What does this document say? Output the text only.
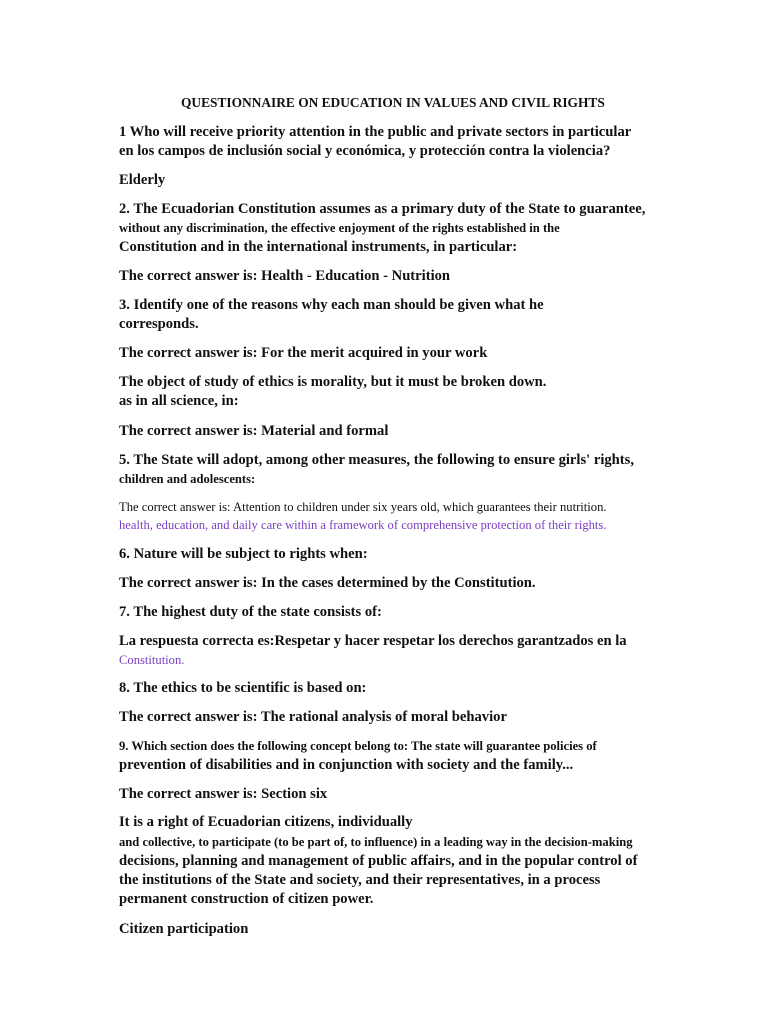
QUESTIONNAIRE ON EDUCATION IN VALUES AND CIVIL RIGHTS
1 Who will receive priority attention in the public and private sectors in particular
en los campos de inclusión social y económica, y protección contra la violencia?
Elderly
2. The Ecuadorian Constitution assumes as a primary duty of the State to guarantee,
without any discrimination, the effective enjoyment of the rights established in the
Constitution and in the international instruments, in particular:
The correct answer is: Health - Education - Nutrition
3. Identify one of the reasons why each man should be given what he
corresponds.
The correct answer is: For the merit acquired in your work
The object of study of ethics is morality, but it must be broken down.
as in all science, in:
The correct answer is: Material and formal
5. The State will adopt, among other measures, the following to ensure girls' rights,
children and adolescents:
The correct answer is: Attention to children under six years old, which guarantees their nutrition.
health, education, and daily care within a framework of comprehensive protection of their rights.
6. Nature will be subject to rights when:
The correct answer is: In the cases determined by the Constitution.
7. The highest duty of the state consists of:
La respuesta correcta es:Respetar y hacer respetar los derechos garantzados en la
Constitution.
8. The ethics to be scientific is based on:
The correct answer is: The rational analysis of moral behavior
9. Which section does the following concept belong to: The state will guarantee policies of
prevention of disabilities and in conjunction with society and the family...
The correct answer is: Section six
It is a right of Ecuadorian citizens, individually
and collective, to participate (to be part of, to influence) in a leading way in the decision-making
decisions, planning and management of public affairs, and in the popular control of
the institutions of the State and society, and their representatives, in a process
permanent construction of citizen power.
Citizen participation
